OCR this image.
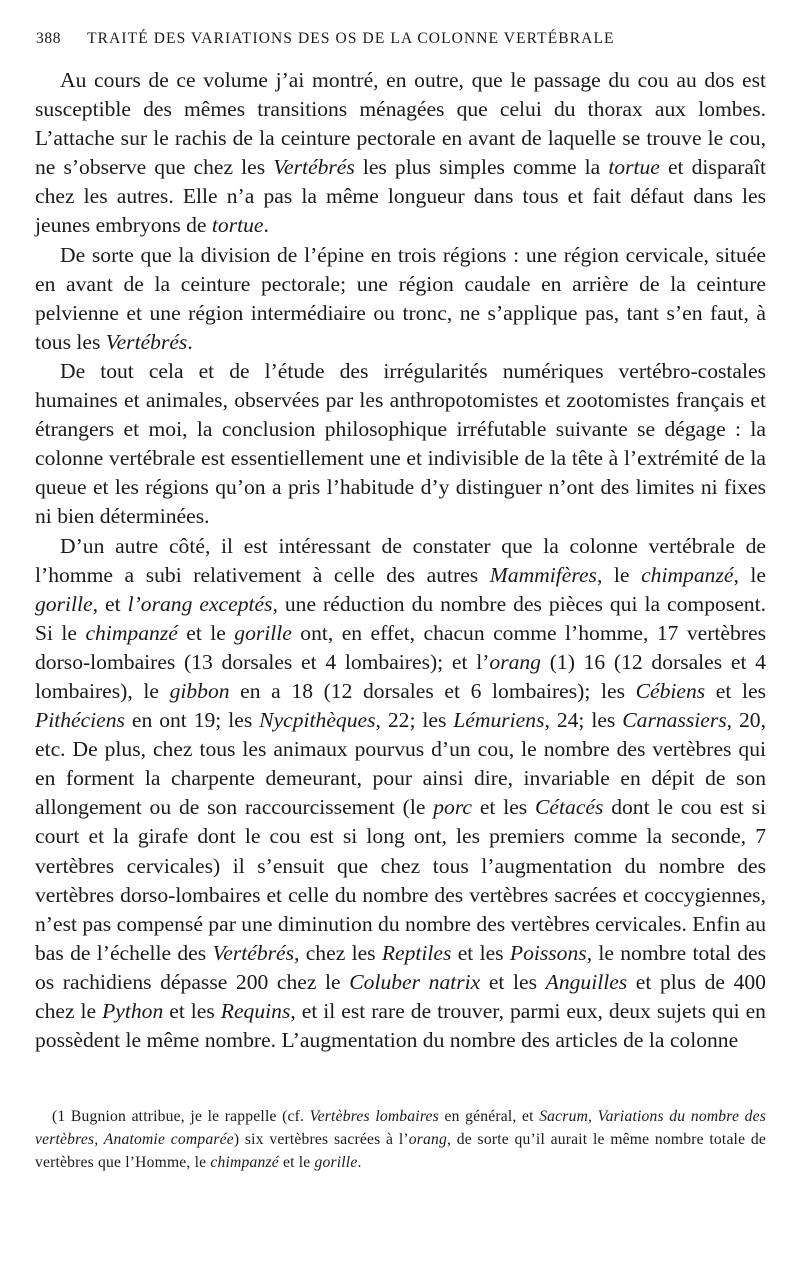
388 TRAITÉ DES VARIATIONS DES OS DE LA COLONNE VERTÉBRALE

Au cours de ce volume j’ai montré, en outre, que le passage du cou au dos est susceptible des mêmes transitions ménagées que celui du thorax aux lombes. L’attache sur le rachis de la ceinture pectorale en avant de laquelle se trouve le cou, ne s’observe que chez les Vertébrés les plus simples comme la tortue et disparaît chez les autres. Elle n’a pas la même longueur dans tous et fait défaut dans les jeunes embryons de tortue.

De sorte que la division de l’épine en trois régions : une région cervicale, située en avant de la ceinture pectorale; une région caudale en arrière de la ceinture pelvienne et une région intermédiaire ou tronc, ne s’applique pas, tant s’en faut, à tous les Vertébrés.

De tout cela et de l’étude des irrégularités numériques vertébro-costales humaines et animales, observées par les anthropotomistes et zootomistes français et étrangers et moi, la conclusion philosophique irréfutable suivante se dégage : la colonne vertébrale est essentiellement une et indivisible de la tête à l’extrémité de la queue et les régions qu’on a pris l’habitude d’y distinguer n’ont des limites ni fixes ni bien déterminées.

D’un autre côté, il est intéressant de constater que la colonne vertébrale de l’homme a subi relativement à celle des autres Mammifères, le chimpanzé, le gorille, et l’orang exceptés, une réduction du nombre des pièces qui la composent. Si le chimpanzé et le gorille ont, en effet, chacun comme l’homme, 17 vertèbres dorso-lombaires (13 dorsales et 4 lombaires); et l’orang (1) 16 (12 dorsales et 4 lombaires), le gibbon en a 18 (12 dorsales et 6 lombaires); les Cébiens et les Pithéciens en ont 19; les Nycpithèques, 22; les Lémuriens, 24; les Carnassiers, 20, etc. De plus, chez tous les animaux pourvus d’un cou, le nombre des vertèbres qui en forment la charpente demeurant, pour ainsi dire, invariable en dépit de son allongement ou de son raccourcissement (le porc et les Cétacés dont le cou est si court et la girafe dont le cou est si long ont, les premiers comme la seconde, 7 vertèbres cervicales) il s’ensuit que chez tous l’augmentation du nombre des vertèbres dorso-lombaires et celle du nombre des vertèbres sacrées et coccygiennes, n’est pas compensé par une diminution du nombre des vertèbres cervicales. Enfin au bas de l’échelle des Vertébrés, chez les Reptiles et les Poissons, le nombre total des os rachidiens dépasse 200 chez le Coluber natrix et les Anguilles et plus de 400 chez le Python et les Requins, et il est rare de trouver, parmi eux, deux sujets qui en possèdent le même nombre. L’augmentation du nombre des articles de la colonne

(1 Bugnion attribue, je le rappelle (cf. Vertèbres lombaires en général, et Sacrum, Variations du nombre des vertèbres, Anatomie comparée) six vertèbres sacrées à l’orang, de sorte qu’il aurait le même nombre totale de vertèbres que l’Homme, le chimpanzé et le gorille.
